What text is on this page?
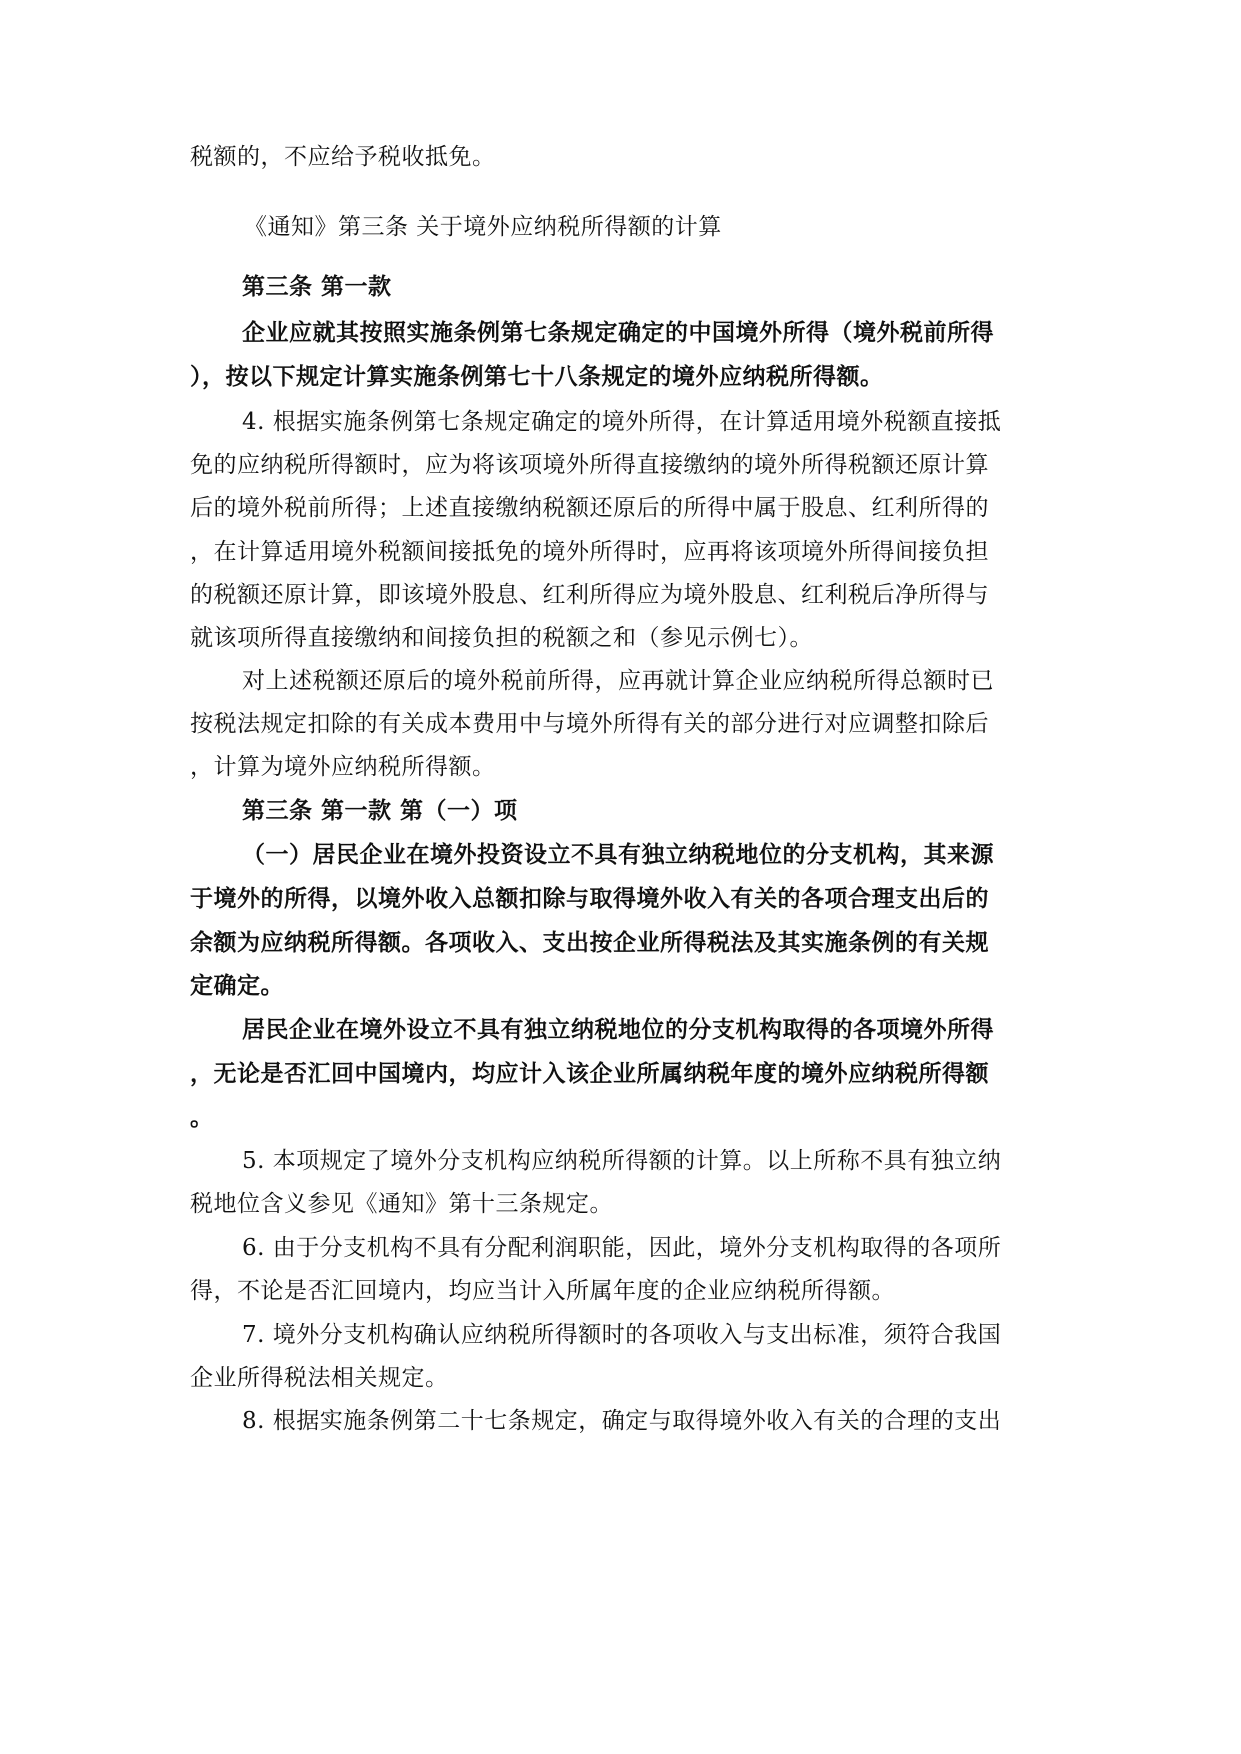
税额的，不应给予税收抵免。
《通知》第三条 关于境外应纳税所得额的计算
第三条 第一款
企业应就其按照实施条例第七条规定确定的中国境外所得（境外税前所得
），按以下规定计算实施条例第七十八条规定的境外应纳税所得额。
4. 根据实施条例第七条规定确定的境外所得，在计算适用境外税额直接抵
免的应纳税所得额时，应为将该项境外所得直接缴纳的境外所得税额还原计算
后的境外税前所得；上述直接缴纳税额还原后的所得中属于股息、红利所得的
，在计算适用境外税额间接抵免的境外所得时，应再将该项境外所得间接负担
的税额还原计算，即该境外股息、红利所得应为境外股息、红利税后净所得与
就该项所得直接缴纳和间接负担的税额之和（参见示例七）。
对上述税额还原后的境外税前所得，应再就计算企业应纳税所得总额时已
按税法规定扣除的有关成本费用中与境外所得有关的部分进行对应调整扣除后
，计算为境外应纳税所得额。
第三条 第一款 第（一）项
（一）居民企业在境外投资设立不具有独立纳税地位的分支机构，其来源
于境外的所得，以境外收入总额扣除与取得境外收入有关的各项合理支出后的
余额为应纳税所得额。各项收入、支出按企业所得税法及其实施条例的有关规
定确定。
居民企业在境外设立不具有独立纳税地位的分支机构取得的各项境外所得
，无论是否汇回中国境内，均应计入该企业所属纳税年度的境外应纳税所得额
。
5. 本项规定了境外分支机构应纳税所得额的计算。以上所称不具有独立纳
税地位含义参见《通知》第十三条规定。
6. 由于分支机构不具有分配利润职能，因此，境外分支机构取得的各项所
得，不论是否汇回境内，均应当计入所属年度的企业应纳税所得额。
7. 境外分支机构确认应纳税所得额时的各项收入与支出标准，须符合我国
企业所得税法相关规定。
8. 根据实施条例第二十七条规定，确定与取得境外收入有关的合理的支出
